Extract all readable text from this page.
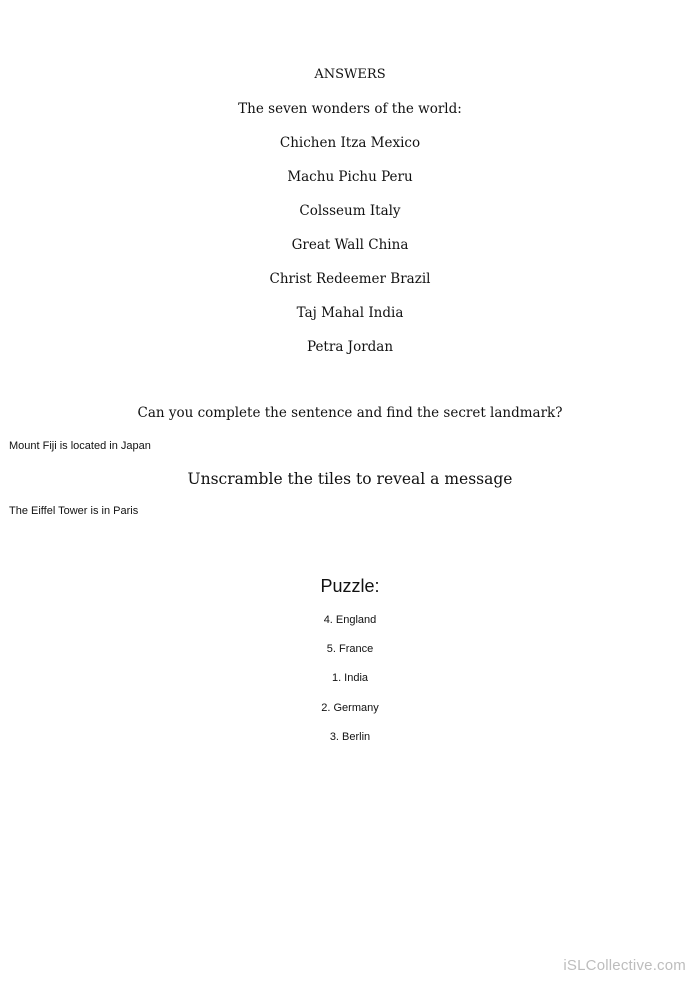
ANSWERS
The seven wonders of the world:
Chichen Itza Mexico
Machu Pichu Peru
Colsseum Italy
Great Wall China
Christ Redeemer Brazil
Taj Mahal India
Petra Jordan
Can you complete the sentence and find the secret landmark?
Mount Fiji is located in Japan
Unscramble the tiles to reveal a message
The Eiffel Tower is in Paris
Puzzle:
4. England
5. France
1. India
2. Germany
3. Berlin
iSLCollective.com
